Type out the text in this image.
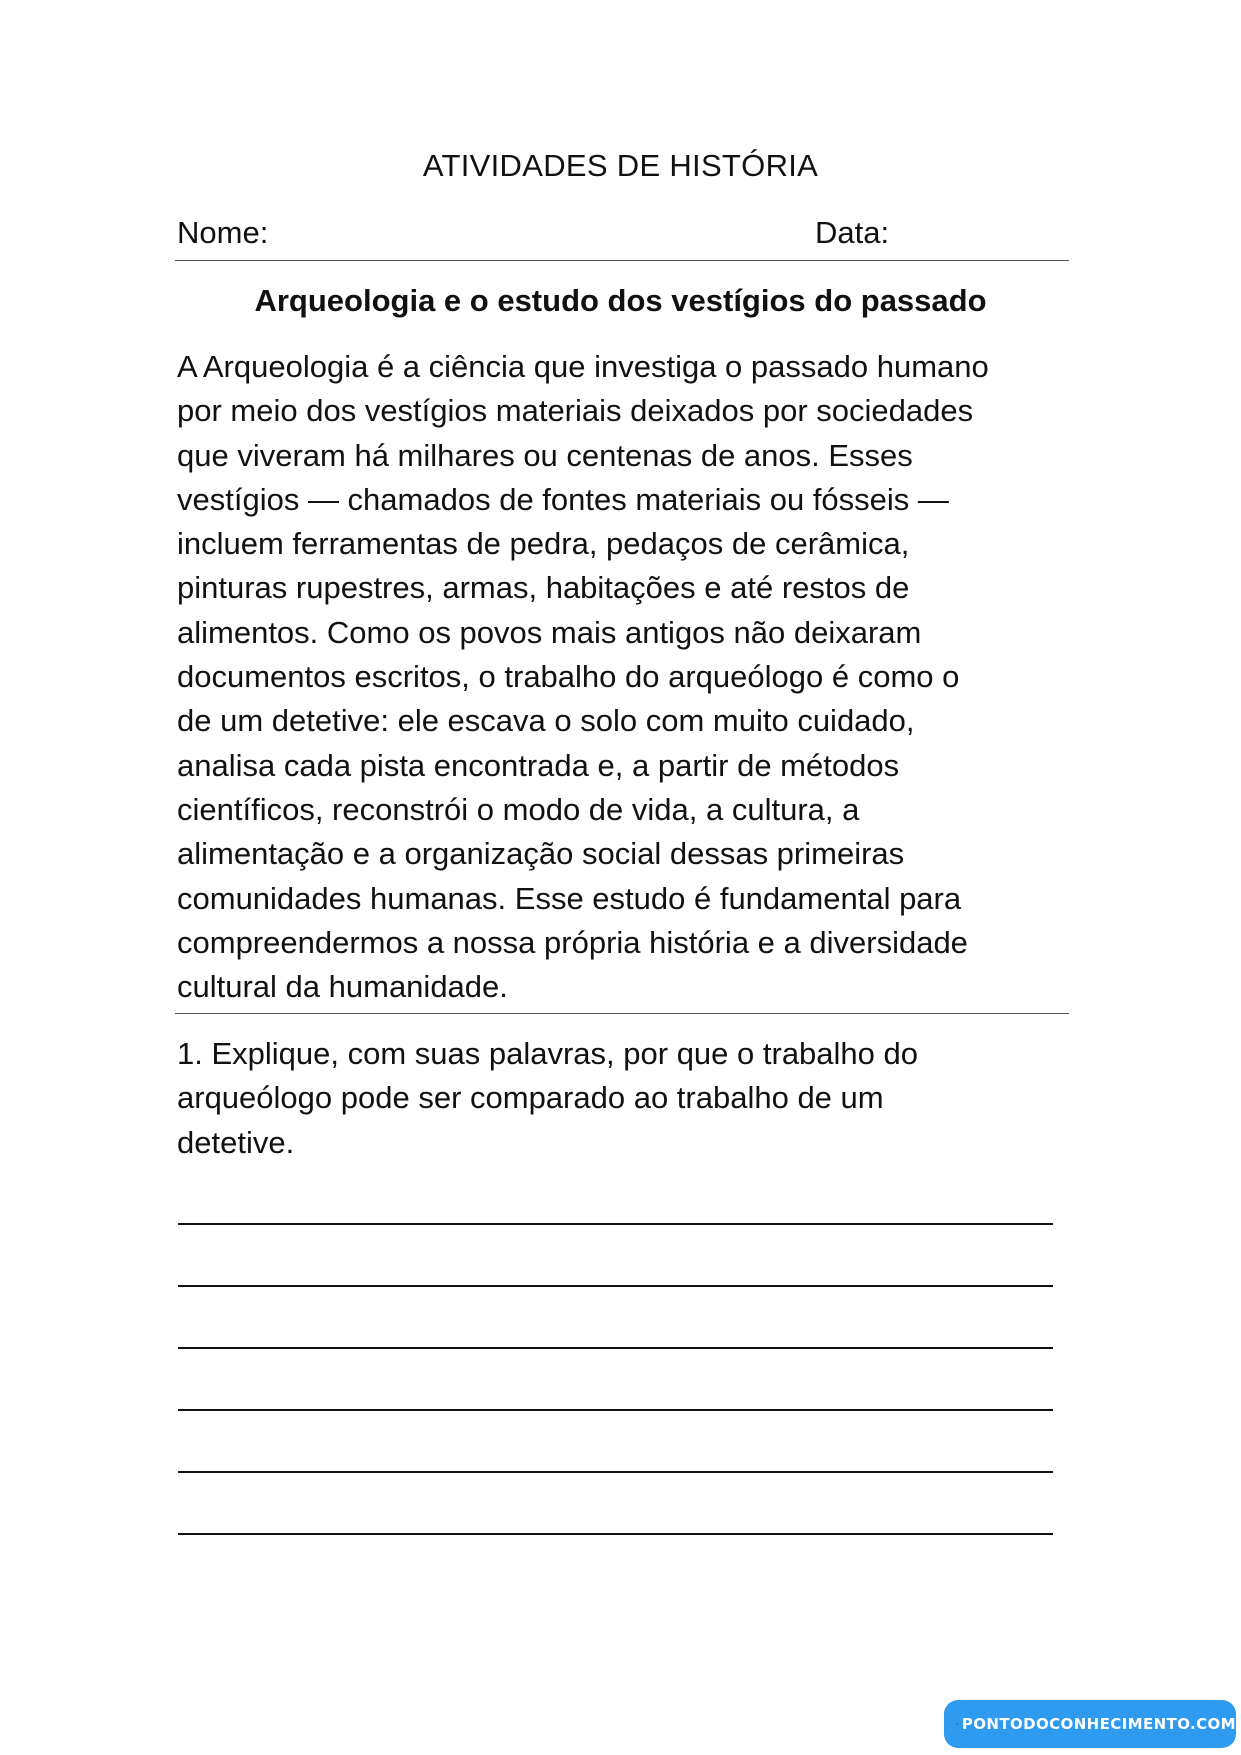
ATIVIDADES DE HISTÓRIA
Nome:	Data:
Arqueologia e o estudo dos vestígios do passado
A Arqueologia é a ciência que investiga o passado humano
por meio dos vestígios materiais deixados por sociedades
que viveram há milhares ou centenas de anos. Esses
vestígios — chamados de fontes materiais ou fósseis —
incluem ferramentas de pedra, pedaços de cerâmica,
pinturas rupestres, armas, habitações e até restos de
alimentos. Como os povos mais antigos não deixaram
documentos escritos, o trabalho do arqueólogo é como o
de um detetive: ele escava o solo com muito cuidado,
analisa cada pista encontrada e, a partir de métodos
científicos, reconstrói o modo de vida, a cultura, a
alimentação e a organização social dessas primeiras
comunidades humanas. Esse estudo é fundamental para
compreendermos a nossa própria história e a diversidade
cultural da humanidade.
1. Explique, com suas palavras, por que o trabalho do
arqueólogo pode ser comparado ao trabalho de um
detetive.
PONTODOCONHECIMENTO.COM
